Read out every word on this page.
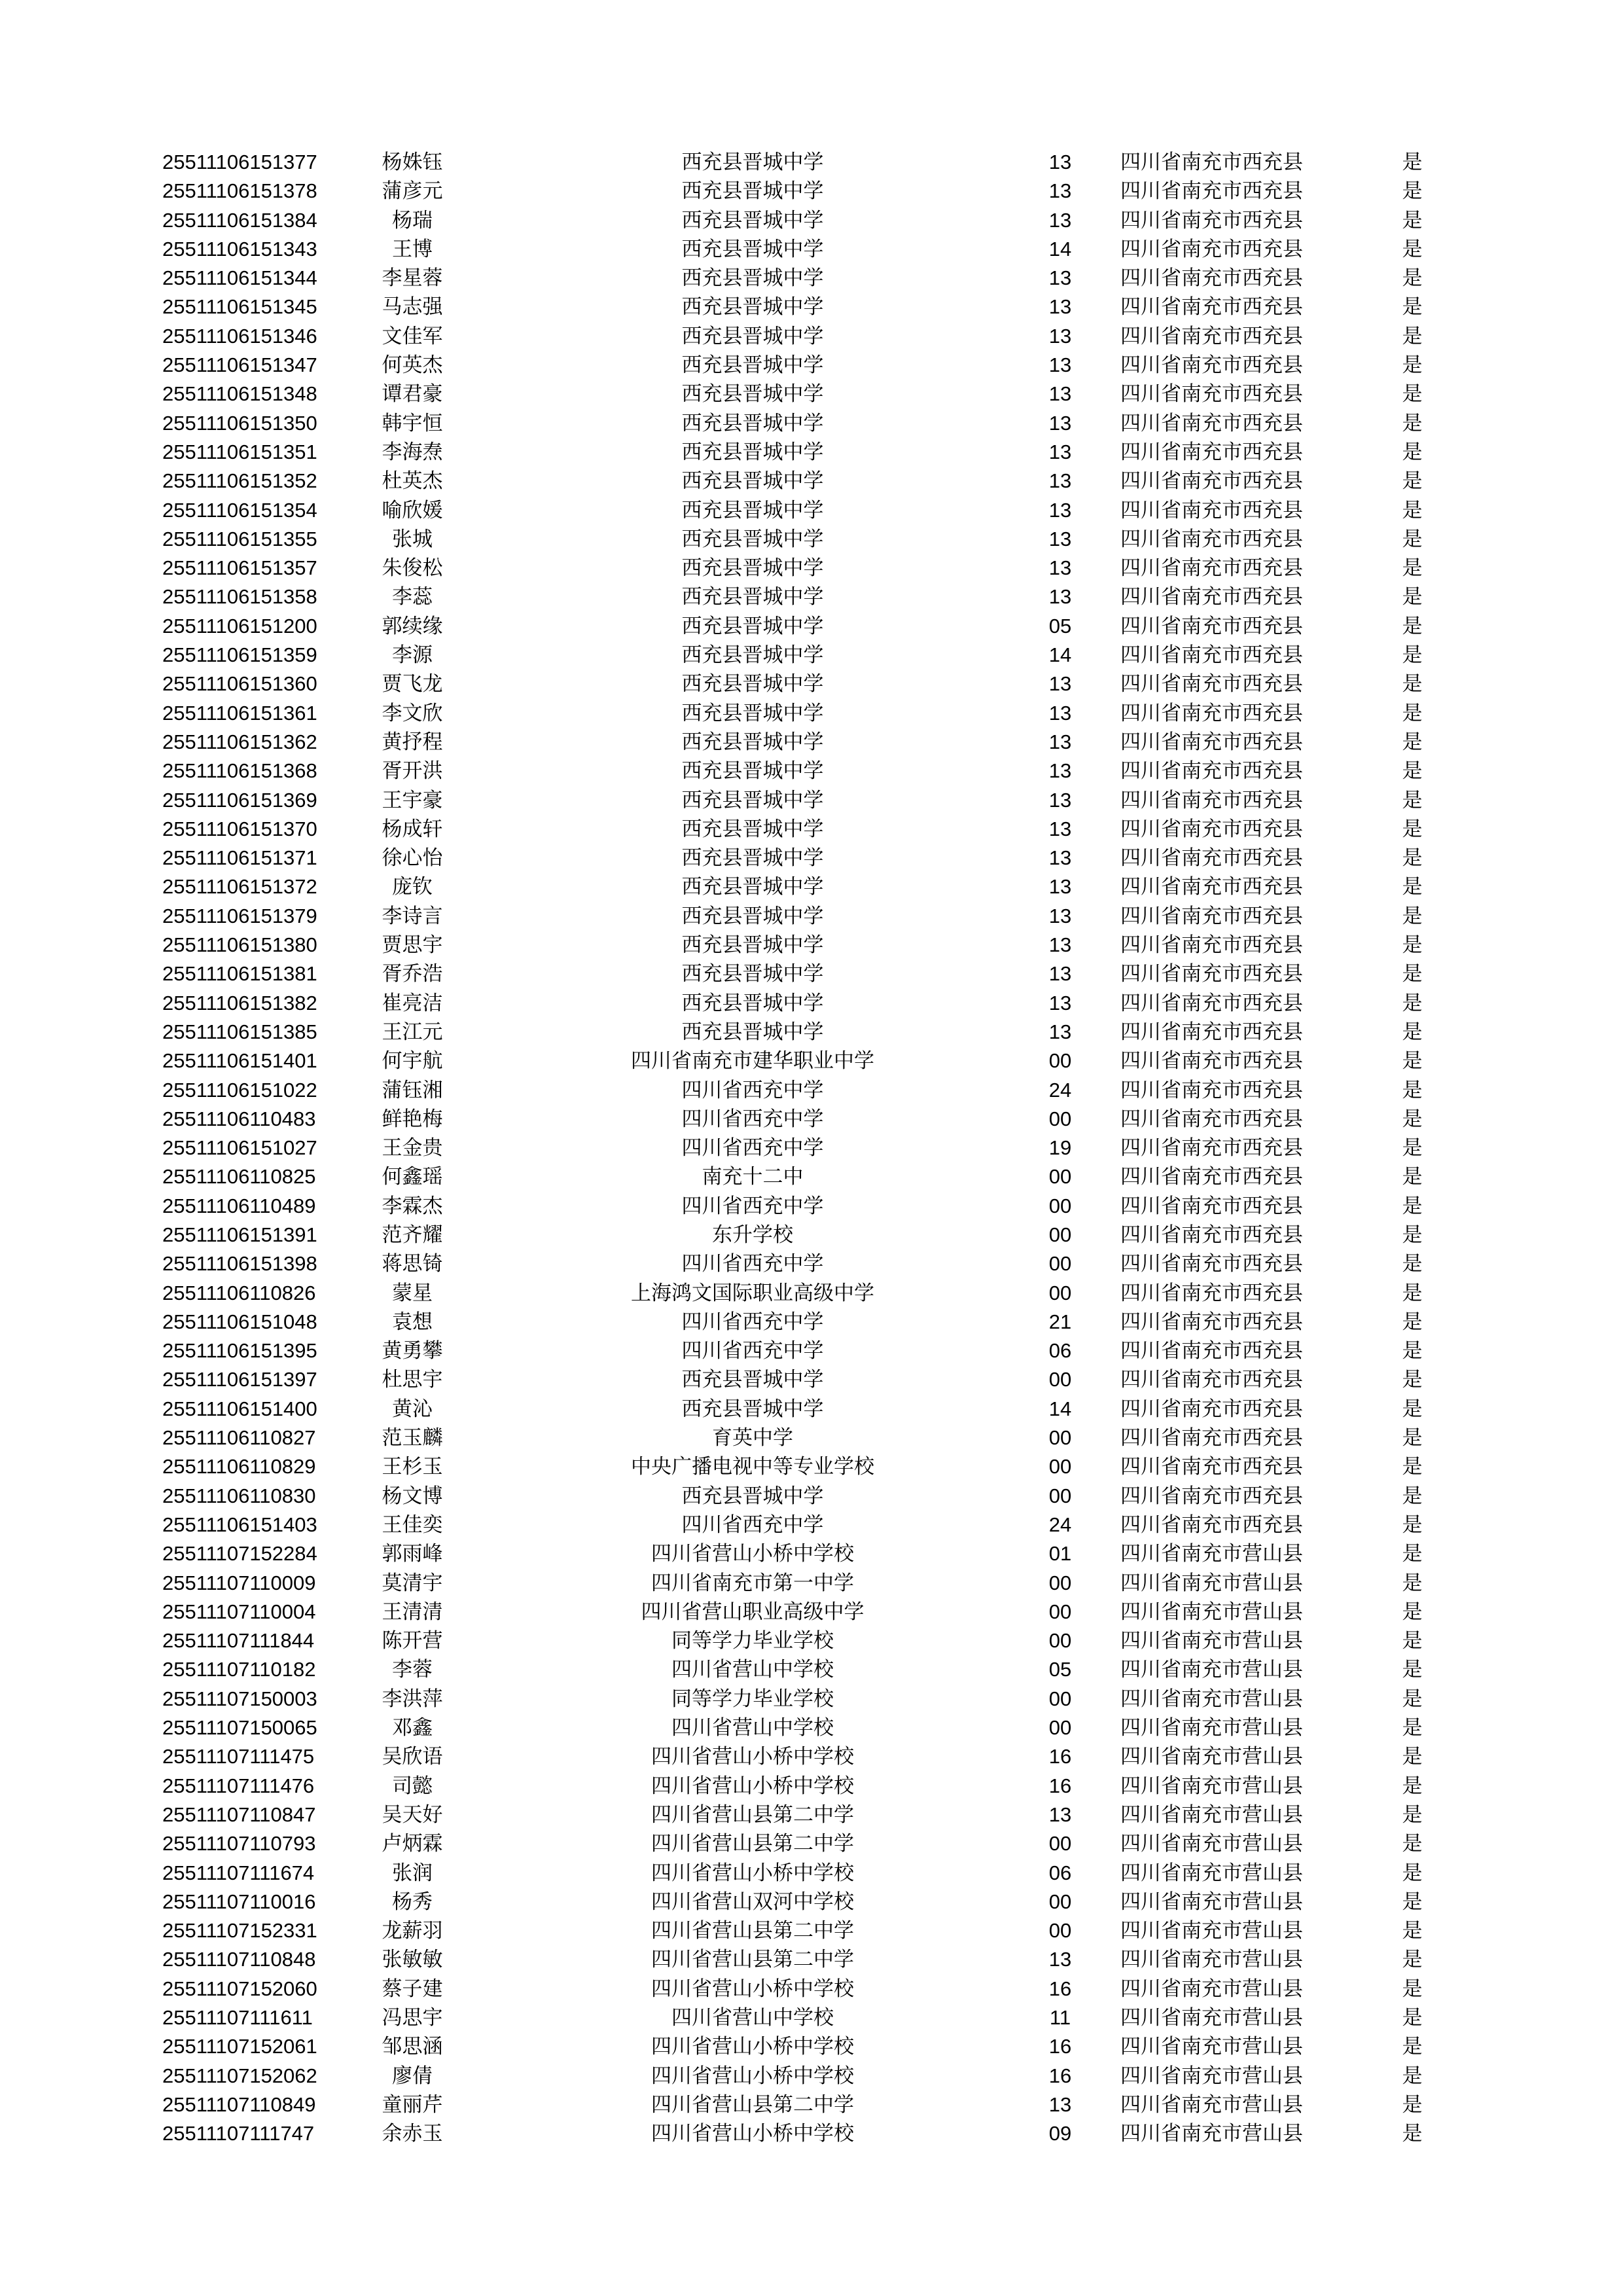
25511106151377	杨姝钰	西充县晋城中学	13	四川省南充市西充县	是
25511106151378	蒲彦元	西充县晋城中学	13	四川省南充市西充县	是
25511106151384	杨瑞	西充县晋城中学	13	四川省南充市西充县	是
25511106151343	王博	西充县晋城中学	14	四川省南充市西充县	是
25511106151344	李星蓉	西充县晋城中学	13	四川省南充市西充县	是
25511106151345	马志强	西充县晋城中学	13	四川省南充市西充县	是
25511106151346	文佳军	西充县晋城中学	13	四川省南充市西充县	是
25511106151347	何英杰	西充县晋城中学	13	四川省南充市西充县	是
25511106151348	谭君豪	西充县晋城中学	13	四川省南充市西充县	是
25511106151350	韩宇恒	西充县晋城中学	13	四川省南充市西充县	是
25511106151351	李海焘	西充县晋城中学	13	四川省南充市西充县	是
25511106151352	杜英杰	西充县晋城中学	13	四川省南充市西充县	是
25511106151354	喻欣媛	西充县晋城中学	13	四川省南充市西充县	是
25511106151355	张城	西充县晋城中学	13	四川省南充市西充县	是
25511106151357	朱俊松	西充县晋城中学	13	四川省南充市西充县	是
25511106151358	李蕊	西充县晋城中学	13	四川省南充市西充县	是
25511106151200	郭续缘	西充县晋城中学	05	四川省南充市西充县	是
25511106151359	李源	西充县晋城中学	14	四川省南充市西充县	是
25511106151360	贾飞龙	西充县晋城中学	13	四川省南充市西充县	是
25511106151361	李文欣	西充县晋城中学	13	四川省南充市西充县	是
25511106151362	黄抒程	西充县晋城中学	13	四川省南充市西充县	是
25511106151368	胥开洪	西充县晋城中学	13	四川省南充市西充县	是
25511106151369	王宇豪	西充县晋城中学	13	四川省南充市西充县	是
25511106151370	杨成轩	西充县晋城中学	13	四川省南充市西充县	是
25511106151371	徐心怡	西充县晋城中学	13	四川省南充市西充县	是
25511106151372	庞钦	西充县晋城中学	13	四川省南充市西充县	是
25511106151379	李诗言	西充县晋城中学	13	四川省南充市西充县	是
25511106151380	贾思宇	西充县晋城中学	13	四川省南充市西充县	是
25511106151381	胥乔浩	西充县晋城中学	13	四川省南充市西充县	是
25511106151382	崔亮洁	西充县晋城中学	13	四川省南充市西充县	是
25511106151385	王江元	西充县晋城中学	13	四川省南充市西充县	是
25511106151401	何宇航	四川省南充市建华职业中学	00	四川省南充市西充县	是
25511106151022	蒲钰湘	四川省西充中学	24	四川省南充市西充县	是
25511106110483	鲜艳梅	四川省西充中学	00	四川省南充市西充县	是
25511106151027	王金贵	四川省西充中学	19	四川省南充市西充县	是
25511106110825	何鑫瑶	南充十二中	00	四川省南充市西充县	是
25511106110489	李霖杰	四川省西充中学	00	四川省南充市西充县	是
25511106151391	范齐耀	东升学校	00	四川省南充市西充县	是
25511106151398	蒋思锜	四川省西充中学	00	四川省南充市西充县	是
25511106110826	蒙星	上海鸿文国际职业高级中学	00	四川省南充市西充县	是
25511106151048	袁想	四川省西充中学	21	四川省南充市西充县	是
25511106151395	黄勇攀	四川省西充中学	06	四川省南充市西充县	是
25511106151397	杜思宇	西充县晋城中学	00	四川省南充市西充县	是
25511106151400	黄沁	西充县晋城中学	14	四川省南充市西充县	是
25511106110827	范玉麟	育英中学	00	四川省南充市西充县	是
25511106110829	王杉玉	中央广播电视中等专业学校	00	四川省南充市西充县	是
25511106110830	杨文博	西充县晋城中学	00	四川省南充市西充县	是
25511106151403	王佳奕	四川省西充中学	24	四川省南充市西充县	是
25511107152284	郭雨峰	四川省营山小桥中学校	01	四川省南充市营山县	是
25511107110009	莫清宇	四川省南充市第一中学	00	四川省南充市营山县	是
25511107110004	王清清	四川省营山职业高级中学	00	四川省南充市营山县	是
25511107111844	陈开营	同等学力毕业学校	00	四川省南充市营山县	是
25511107110182	李蓉	四川省营山中学校	05	四川省南充市营山县	是
25511107150003	李洪萍	同等学力毕业学校	00	四川省南充市营山县	是
25511107150065	邓鑫	四川省营山中学校	00	四川省南充市营山县	是
25511107111475	吴欣语	四川省营山小桥中学校	16	四川省南充市营山县	是
25511107111476	司懿	四川省营山小桥中学校	16	四川省南充市营山县	是
25511107110847	吴天好	四川省营山县第二中学	13	四川省南充市营山县	是
25511107110793	卢炳霖	四川省营山县第二中学	00	四川省南充市营山县	是
25511107111674	张润	四川省营山小桥中学校	06	四川省南充市营山县	是
25511107110016	杨秀	四川省营山双河中学校	00	四川省南充市营山县	是
25511107152331	龙薪羽	四川省营山县第二中学	00	四川省南充市营山县	是
25511107110848	张敏敏	四川省营山县第二中学	13	四川省南充市营山县	是
25511107152060	蔡子建	四川省营山小桥中学校	16	四川省南充市营山县	是
25511107111611	冯思宇	四川省营山中学校	11	四川省南充市营山县	是
25511107152061	邹思涵	四川省营山小桥中学校	16	四川省南充市营山县	是
25511107152062	廖倩	四川省营山小桥中学校	16	四川省南充市营山县	是
25511107110849	童丽芹	四川省营山县第二中学	13	四川省南充市营山县	是
25511107111747	余赤玉	四川省营山小桥中学校	09	四川省南充市营山县	是
